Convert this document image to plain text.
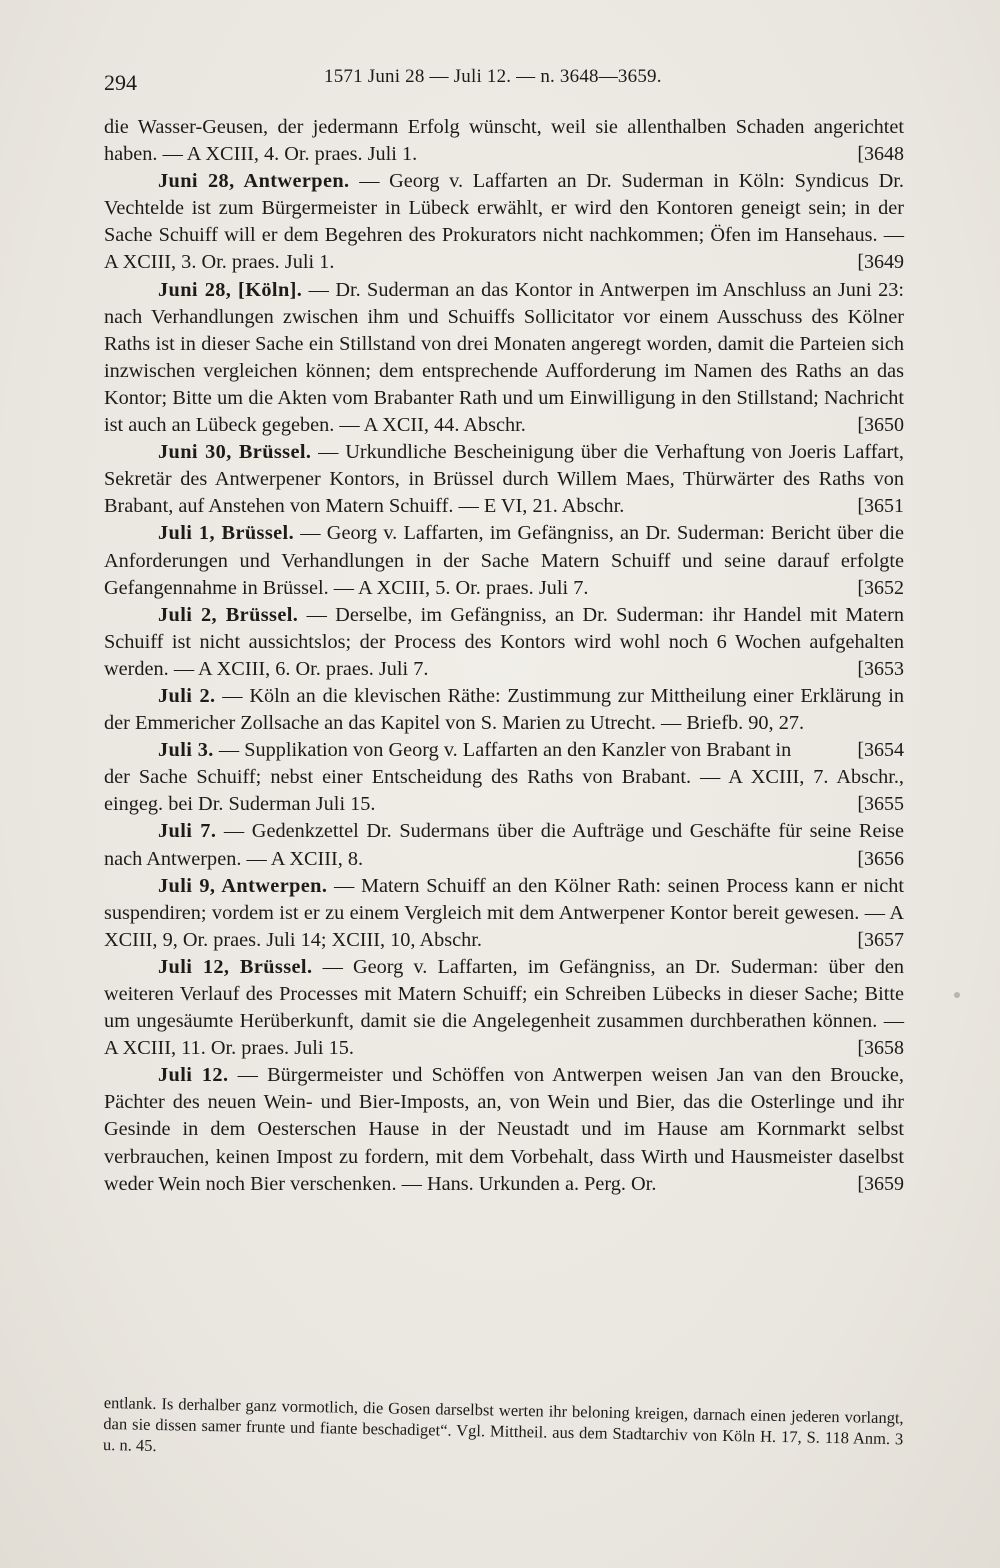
294	1571 Juni 28 — Juli 12. — n. 3648—3659.

die Wasser-Geusen, der jedermann Erfolg wünscht, weil sie allenthalben Schaden angerichtet haben. — A XCIII, 4. Or. praes. Juli 1.	[3648

Juni 28, Antwerpen. — Georg v. Laffarten an Dr. Suderman in Köln: Syndicus Dr. Vechtelde ist zum Bürgermeister in Lübeck erwählt, er wird den Kontoren geneigt sein; in der Sache Schuiff will er dem Begehren des Prokurators nicht nachkommen; Öfen im Hansehaus. — A XCIII, 3. Or. praes. Juli 1.	[3649

Juni 28, [Köln]. — Dr. Suderman an das Kontor in Antwerpen im Anschluss an Juni 23: nach Verhandlungen zwischen ihm und Schuiffs Sollicitator vor einem Ausschuss des Kölner Raths ist in dieser Sache ein Stillstand von drei Monaten angeregt worden, damit die Parteien sich inzwischen vergleichen können; dem entsprechende Aufforderung im Namen des Raths an das Kontor; Bitte um die Akten vom Brabanter Rath und um Einwilligung in den Stillstand; Nachricht ist auch an Lübeck gegeben. — A XCII, 44. Abschr.	[3650

Juni 30, Brüssel. — Urkundliche Bescheinigung über die Verhaftung von Joeris Laffart, Sekretär des Antwerpener Kontors, in Brüssel durch Willem Maes, Thürwärter des Raths von Brabant, auf Anstehen von Matern Schuiff. — E VI, 21. Abschr.	[3651

Juli 1, Brüssel. — Georg v. Laffarten, im Gefängniss, an Dr. Suderman: Bericht über die Anforderungen und Verhandlungen in der Sache Matern Schuiff und seine darauf erfolgte Gefangennahme in Brüssel. — A XCIII, 5. Or. praes. Juli 7.	[3652

Juli 2, Brüssel. — Derselbe, im Gefängniss, an Dr. Suderman: ihr Handel mit Matern Schuiff ist nicht aussichtslos; der Process des Kontors wird wohl noch 6 Wochen aufgehalten werden. — A XCIII, 6. Or. praes. Juli 7.	[3653

Juli 2. — Köln an die klevischen Räthe: Zustimmung zur Mittheilung einer Erklärung in der Emmericher Zollsache an das Kapitel von S. Marien zu Utrecht. — Briefb. 90, 27.
[3654

Juli 3. — Supplikation von Georg v. Laffarten an den Kanzler von Brabant in der Sache Schuiff; nebst einer Entscheidung des Raths von Brabant. — A XCIII, 7. Abschr., eingeg. bei Dr. Suderman Juli 15.	[3655

Juli 7. — Gedenkzettel Dr. Sudermans über die Aufträge und Geschäfte für seine Reise nach Antwerpen. — A XCIII, 8.	[3656

Juli 9, Antwerpen. — Matern Schuiff an den Kölner Rath: seinen Process kann er nicht suspendiren; vordem ist er zu einem Vergleich mit dem Antwerpener Kontor bereit gewesen. — A XCIII, 9, Or. praes. Juli 14; XCIII, 10, Abschr.	[3657

Juli 12, Brüssel. — Georg v. Laffarten, im Gefängniss, an Dr. Suderman: über den weiteren Verlauf des Processes mit Matern Schuiff; ein Schreiben Lübecks in dieser Sache; Bitte um ungesäumte Herüberkunft, damit sie die Angelegenheit zusammen durchberathen können. — A XCIII, 11. Or. praes. Juli 15.	[3658

Juli 12. — Bürgermeister und Schöffen von Antwerpen weisen Jan van den Broucke, Pächter des neuen Wein- und Bier-Imposts, an, von Wein und Bier, das die Osterlinge und ihr Gesinde in dem Oesterschen Hause in der Neustadt und im Hause am Kornmarkt selbst verbrauchen, keinen Impost zu fordern, mit dem Vorbehalt, dass Wirth und Hausmeister daselbst weder Wein noch Bier verschenken. — Hans. Urkunden a. Perg. Or.	[3659

entlank. Is derhalber ganz vormotlich, die Gosen darselbst werten ihr beloning kreigen, darnach einen jederen vorlangt, dan sie dissen samer frunte und fiante beschadiget“. Vgl. Mittheil. aus dem Stadtarchiv von Köln H. 17, S. 118 Anm. 3 u. n. 45.
